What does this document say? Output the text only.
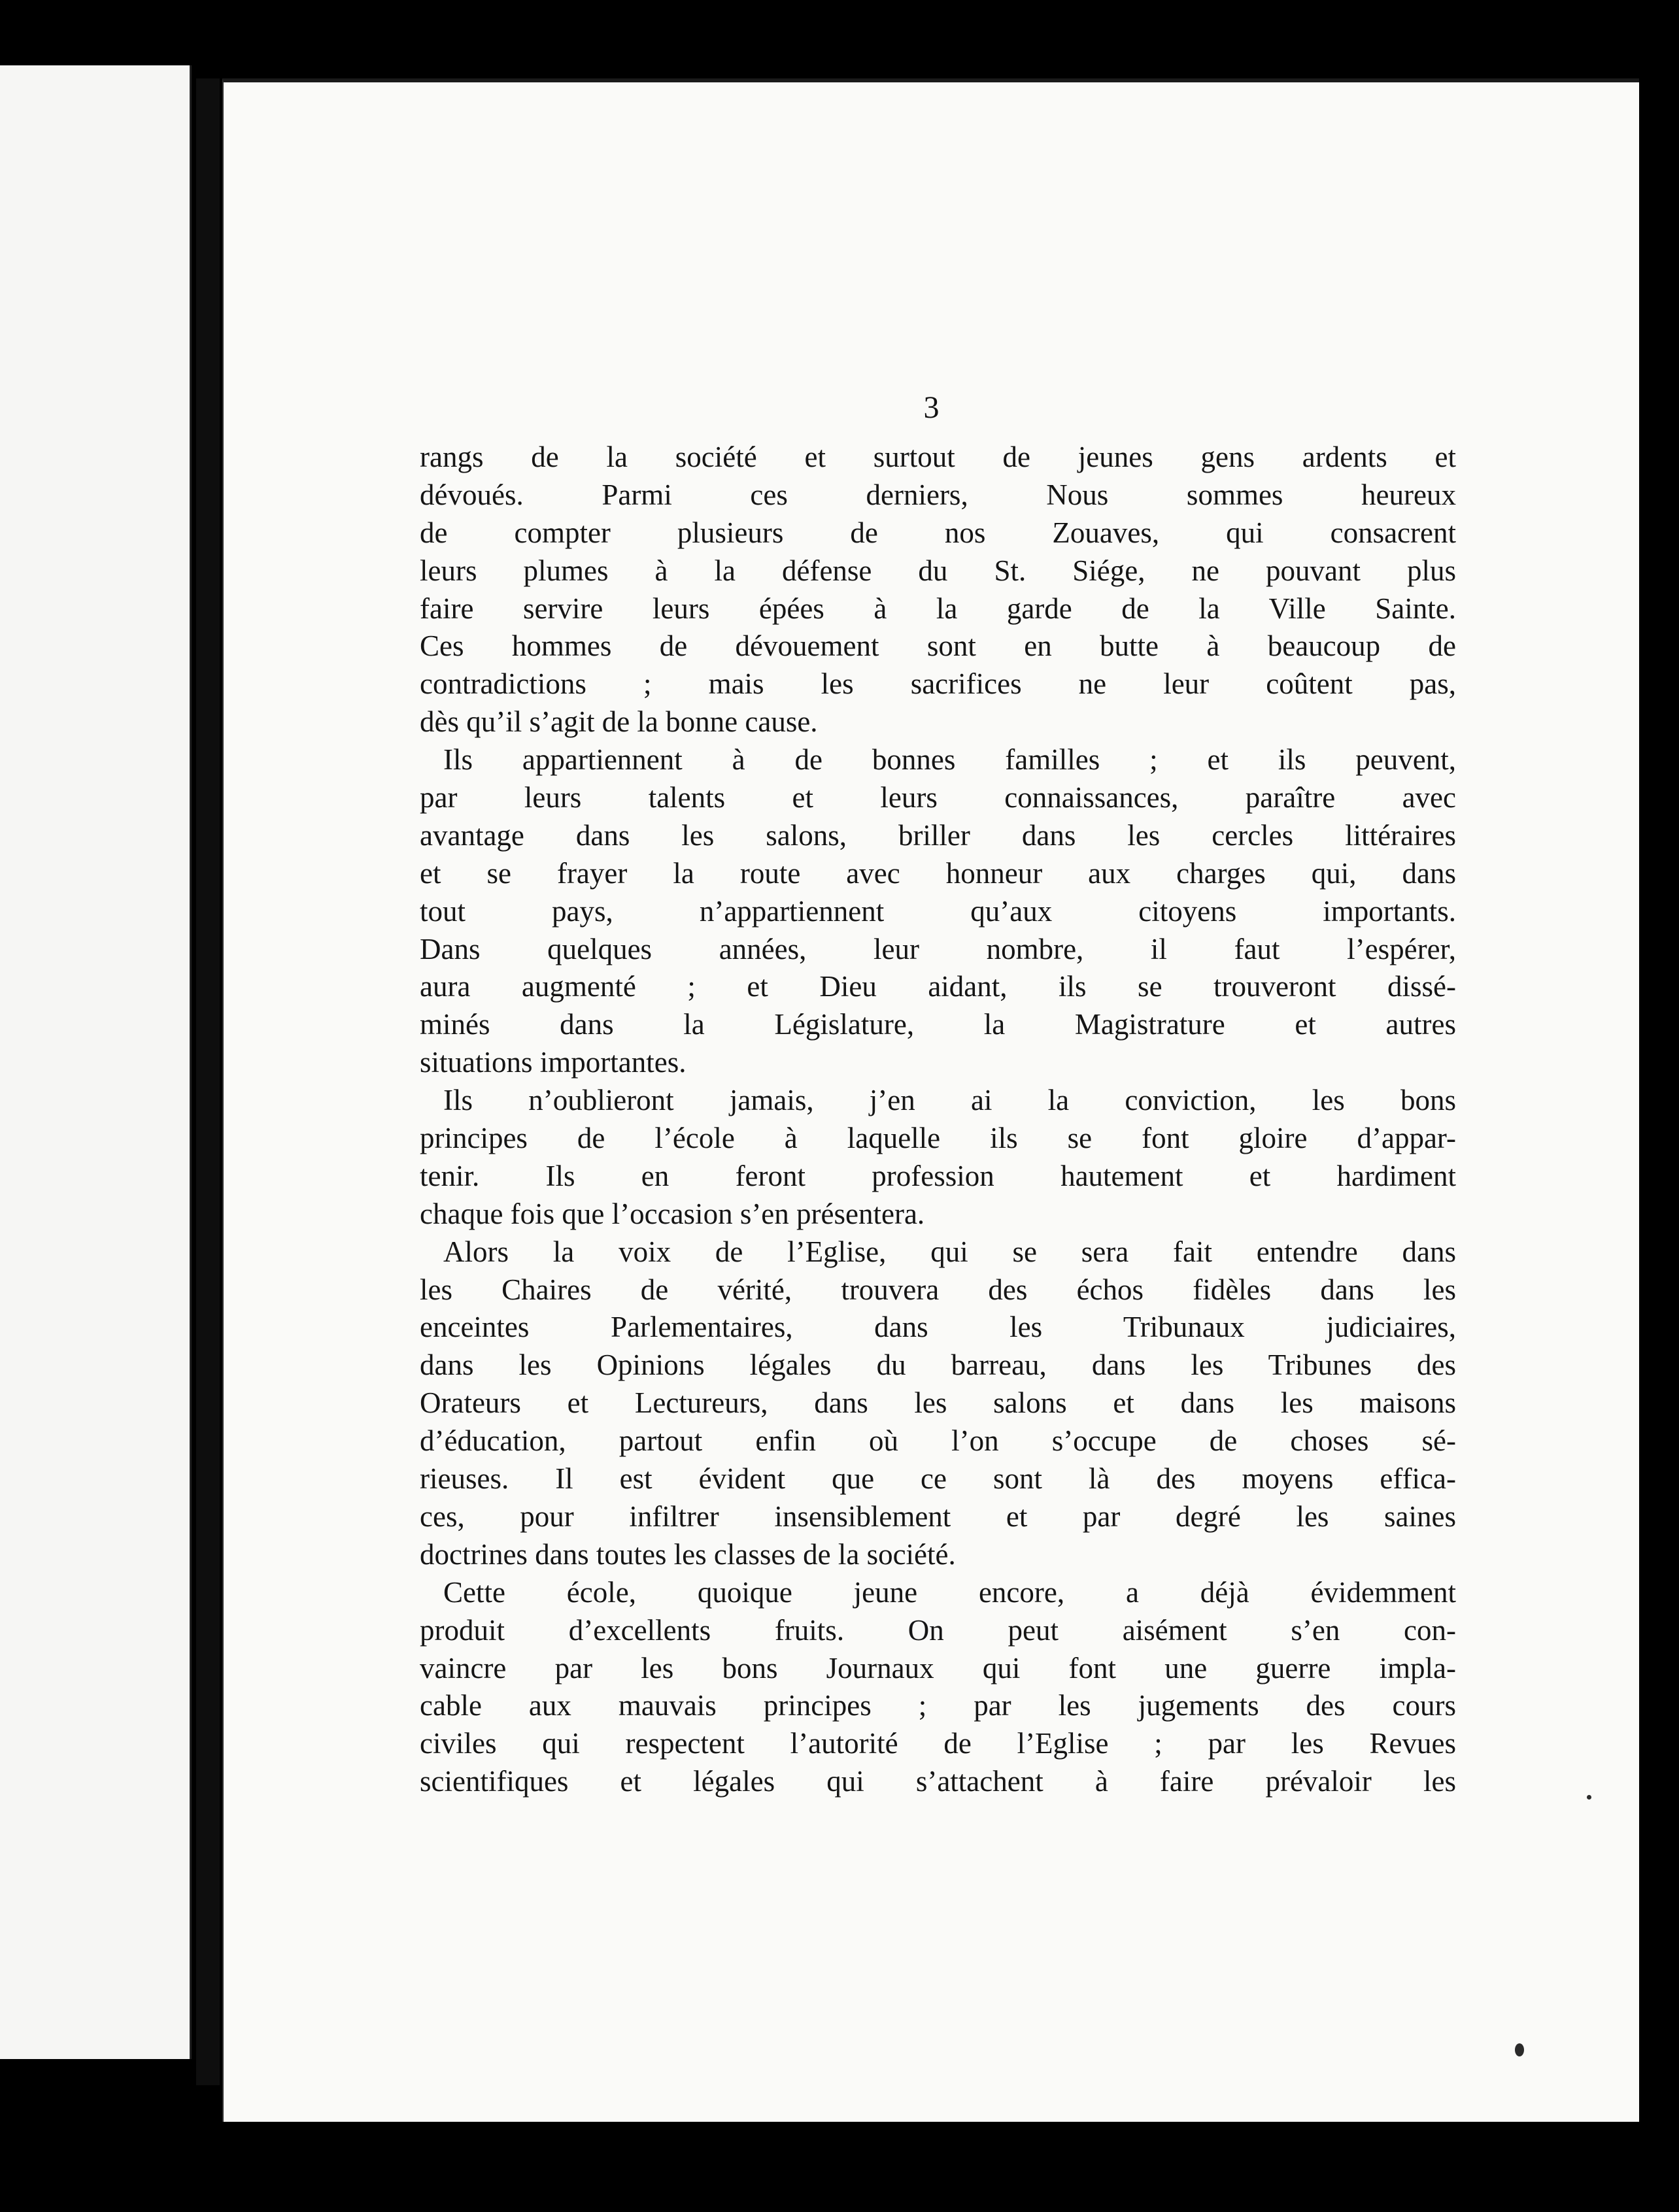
3
rangs de la société et surtout de jeunes gens ardents et
dévoués. Parmi ces derniers, Nous sommes heureux
de compter plusieurs de nos Zouaves, qui consacrent
leurs plumes à la défense du St. Siége, ne pouvant plus
faire servire leurs épées à la garde de la Ville Sainte.
Ces hommes de dévouement sont en butte à beaucoup de
contradictions ; mais les sacrifices ne leur coûtent pas,
dès qu’il s’agit de la bonne cause.
Ils appartiennent à de bonnes familles ; et ils peuvent,
par leurs talents et leurs connaissances, paraître avec
avantage dans les salons, briller dans les cercles littéraires
et se frayer la route avec honneur aux charges qui, dans
tout pays, n’appartiennent qu’aux citoyens importants.
Dans quelques années, leur nombre, il faut l’espérer,
aura augmenté ; et Dieu aidant, ils se trouveront dissé-
minés dans la Législature, la Magistrature et autres
situations importantes.
Ils n’oublieront jamais, j’en ai la conviction, les bons
principes de l’école à laquelle ils se font gloire d’appar-
tenir. Ils en feront profession hautement et hardiment
chaque fois que l’occasion s’en présentera.
Alors la voix de l’Eglise, qui se sera fait entendre dans
les Chaires de vérité, trouvera des échos fidèles dans les
enceintes Parlementaires, dans les Tribunaux judiciaires,
dans les Opinions légales du barreau, dans les Tribunes des
Orateurs et Lectureurs, dans les salons et dans les maisons
d’éducation, partout enfin où l’on s’occupe de choses sé-
rieuses. Il est évident que ce sont là des moyens effica-
ces, pour infiltrer insensiblement et par degré les saines
doctrines dans toutes les classes de la société.
Cette école, quoique jeune encore, a déjà évidemment
produit d’excellents fruits. On peut aisément s’en con-
vaincre par les bons Journaux qui font une guerre impla-
cable aux mauvais principes ; par les jugements des cours
civiles qui respectent l’autorité de l’Eglise ; par les Revues
scientifiques et légales qui s’attachent à faire prévaloir les
